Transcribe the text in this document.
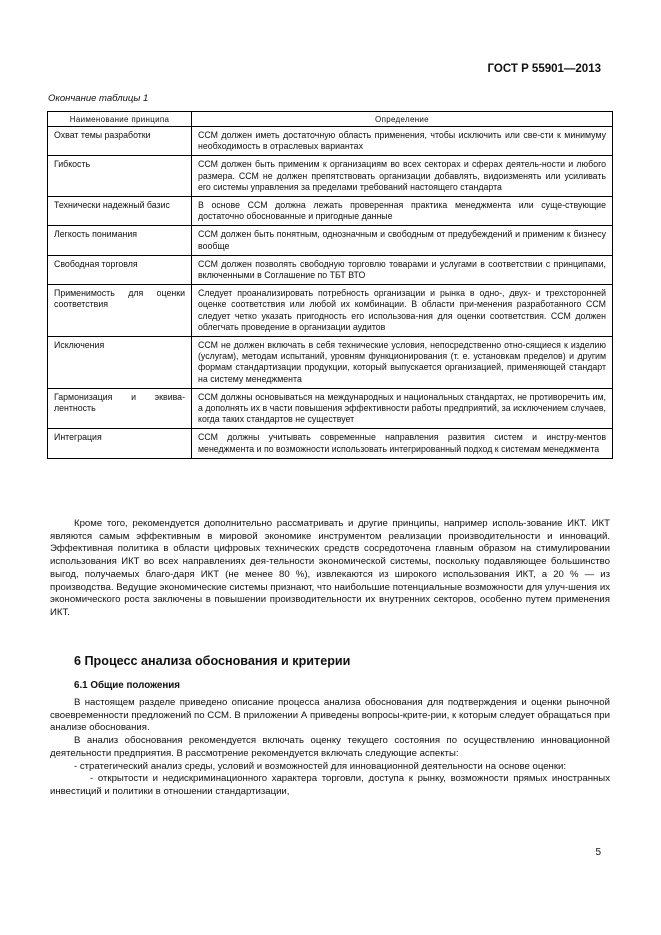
ГОСТ Р 55901—2013
Окончание таблицы 1
Наименование принципа	Определение
Охват темы разработки	ССМ должен иметь достаточную область применения, чтобы исключить или све-сти к минимуму необходимость в отраслевых вариантах
Гибкость	ССМ должен быть применим к организациям во всех секторах и сферах деятель-ности и любого размера. ССМ не должен препятствовать организации добавлять, видоизменять или усиливать его системы управления за пределами требований настоящего стандарта
Технически надежный базис	В основе ССМ должна лежать проверенная практика менеджмента или суще-ствующие достаточно обоснованные и пригодные данные
Легкость понимания	ССМ должен быть понятным, однозначным и свободным от предубеждений и применим к бизнесу вообще
Свободная торговля	ССМ должен позволять свободную торговлю товарами и услугами в соответствии с принципами, включенными в Соглашение по ТБТ ВТО
Применимость для оценки соответствия	Следует проанализировать потребность организации и рынка в одно-, двух- и трехсторонней оценке соответствия или любой их комбинации. В области при-менения разработанного ССМ следует четко указать пригодность его использова-ния для оценки соответствия. ССМ должен облегчать проведение в организации аудитов
Исключения	ССМ не должен включать в себя технические условия, непосредственно отно-сящиеся к изделию (услугам), методам испытаний, уровням функционирования (т. е. установкам пределов) и другим формам стандартизации продукции, который выпускается организацией, применяющей стандарт на систему менеджмента
Гармонизация и эквива-лентность	ССМ должны основываться на международных и национальных стандартах, не противоречить им, а дополнять их в части повышения эффективности работы предприятий, за исключением случаев, когда таких стандартов не существует
Интеграция	ССМ должны учитывать современные направления развития систем и инстру-ментов менеджмента и по возможности использовать интегрированный подход к системам менеджмента

Кроме того, рекомендуется дополнительно рассматривать и другие принципы, например исполь-зование ИКТ. ИКТ являются самым эффективным в мировой экономике инструментом реализации производительности и инноваций. Эффективная политика в области цифровых технических средств сосредоточена главным образом на стимулировании использования ИКТ во всех направлениях дея-тельности экономической системы, поскольку подавляющее большинство выгод, получаемых благо-даря ИКТ (не менее 80 %), извлекаются из широкого использования ИКТ, а 20 % — из производства. Ведущие экономические системы признают, что наибольшие потенциальные возможности для улуч-шения их экономического роста заключены в повышении производительности их внутренних секторов, особенно путем применения ИКТ.

6 Процесс анализа обоснования и критерии
6.1 Общие положения

В настоящем разделе приведено описание процесса анализа обоснования для подтверждения и оценки рыночной своевременности предложений по ССМ. В приложении А приведены вопросы-крите-рии, к которым следует обращаться при анализе обоснования.

В анализ обоснования рекомендуется включать оценку текущего состояния по осуществлению инновационной деятельности предприятия. В рассмотрение рекомендуется включать следующие аспекты:

- стратегический анализ среды, условий и возможностей для инновационной деятельности на основе оценки:

- открытости и недискриминационного характера торговли, доступа к рынку, возможности прямых иностранных инвестиций и политики в отношении стандартизации,

5
